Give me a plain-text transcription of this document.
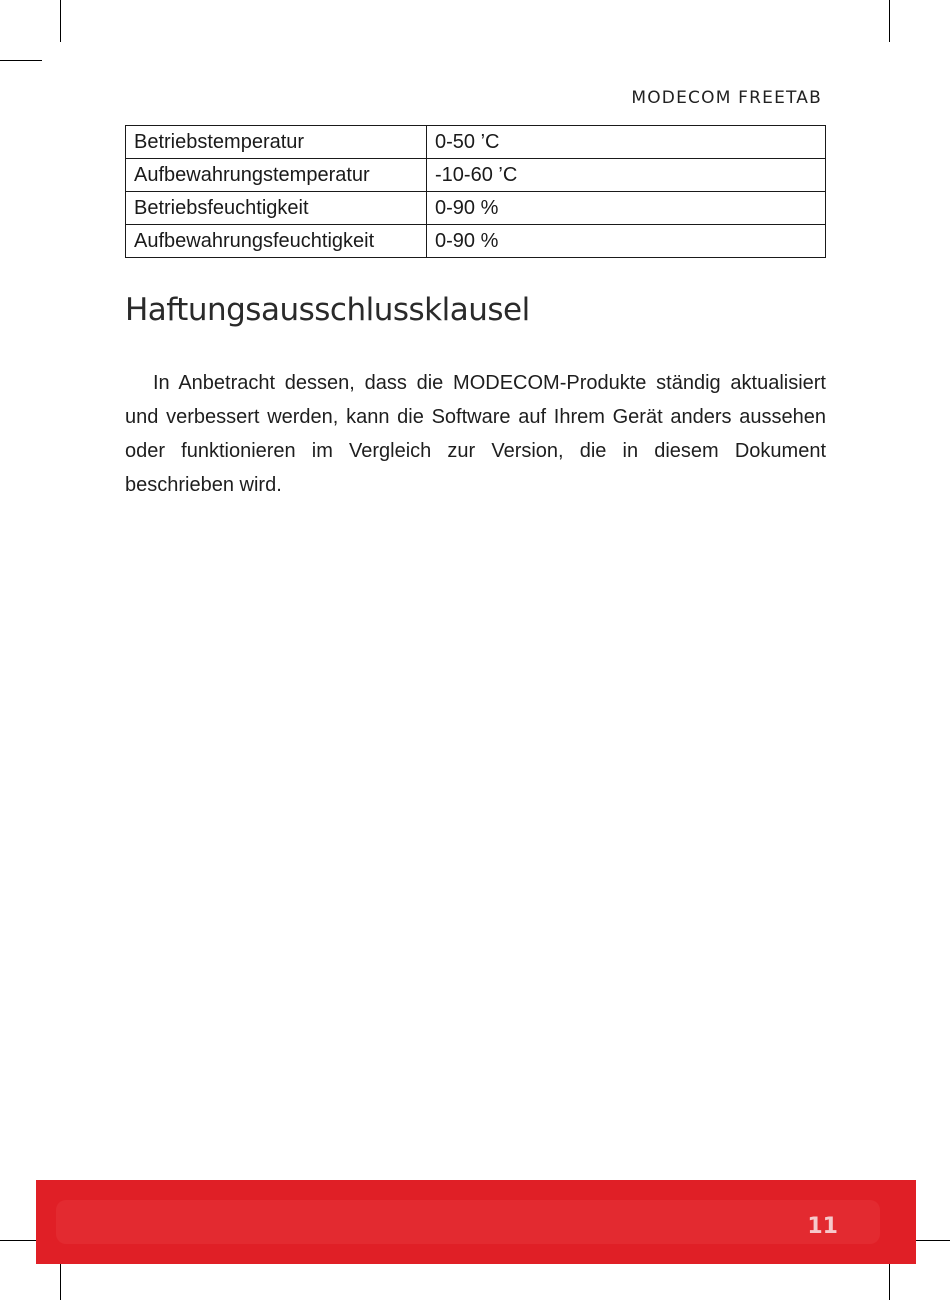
MODECOM FREETAB
Betriebstemperatur	0-50 ’C
Aufbewahrungstemperatur	-10-60 ’C
Betriebsfeuchtigkeit	0-90 %
Aufbewahrungsfeuchtigkeit	0-90 %
Haftungsausschlussklausel

In Anbetracht dessen, dass die MODECOM-Produkte ständig aktualisiert und verbessert werden, kann die Software auf Ihrem Gerät anders aussehen oder funktionieren im Vergleich zur Version, die in diesem Dokument beschrieben wird.

11
